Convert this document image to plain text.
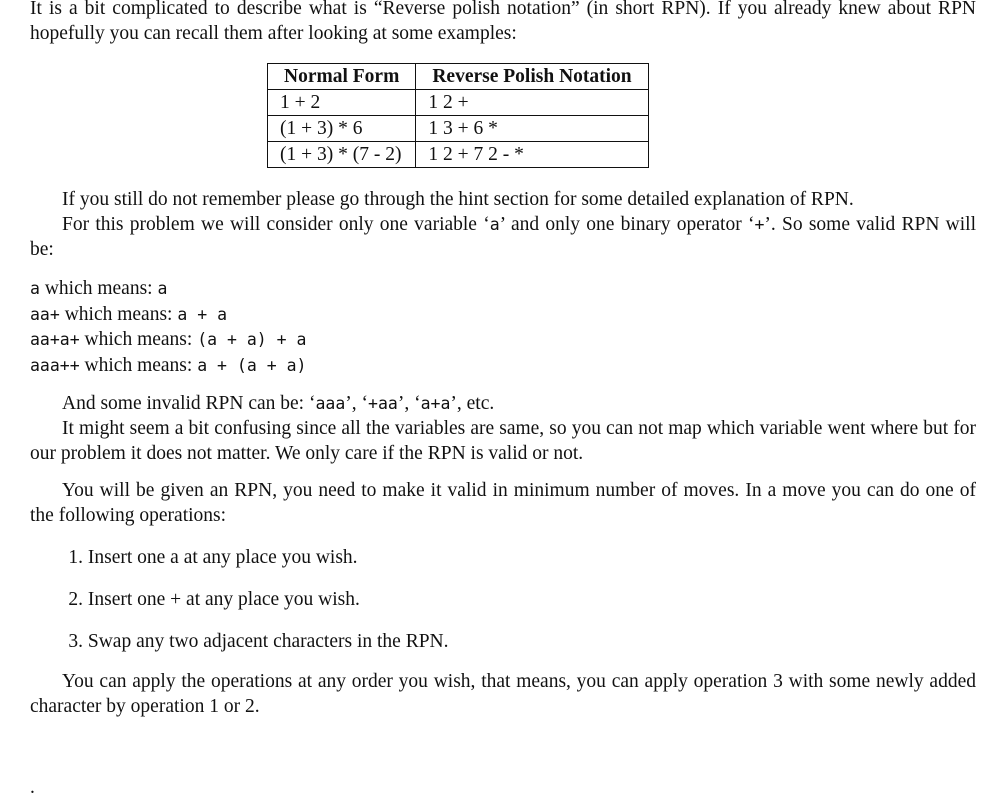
It is a bit complicated to describe what is “Reverse polish notation” (in short RPN). If you already knew about RPN hopefully you can recall them after looking at some examples:

Normal Form	Reverse Polish Notation
1 + 2	1 2 +
(1 + 3) * 6	1 3 + 6 *
(1 + 3) * (7 - 2)	1 2 + 7 2 - *

If you still do not remember please go through the hint section for some detailed explanation of RPN.

For this problem we will consider only one variable ‘a’ and only one binary operator ‘+’. So some valid RPN will be:

a which means: a
aa+ which means: a + a
aa+a+ which means: (a + a) + a
aaa++ which means: a + (a + a)

And some invalid RPN can be: ‘aaa’, ‘+aa’, ‘a+a’, etc.

It might seem a bit confusing since all the variables are same, so you can not map which variable went where but for our problem it does not matter. We only care if the RPN is valid or not.

You will be given an RPN, you need to make it valid in minimum number of moves. In a move you can do one of the following operations:

1. Insert one a at any place you wish.
2. Insert one + at any place you wish.
3. Swap any two adjacent characters in the RPN.

You can apply the operations at any order you wish, that means, you can apply operation 3 with some newly added character by operation 1 or 2.

.
